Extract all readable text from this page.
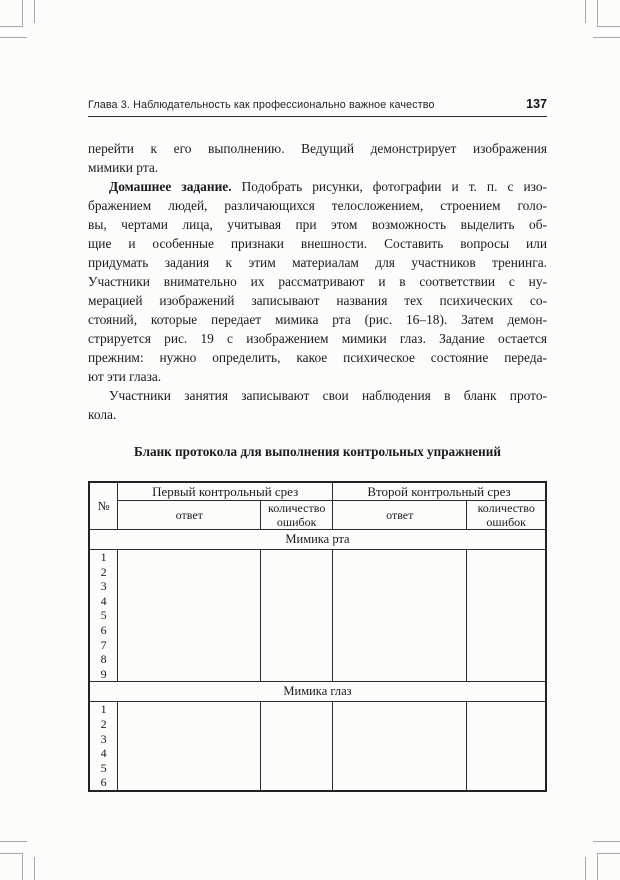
Глава 3. Наблюдательность как профессионально важное качество	137
перейти к его выполнению. Ведущий демонстрирует изображения
мимики рта.
Домашнее задание. Подобрать рисунки, фотографии и т. п. с изо-
бражением людей, различающихся телосложением, строением голо-
вы, чертами лица, учитывая при этом возможность выделить об-
щие и особенные признаки внешности. Составить вопросы или
придумать задания к этим материалам для участников тренинга.
Участники внимательно их рассматривают и в соответствии с ну-
мерацией изображений записывают названия тех психических со-
стояний, которые передает мимика рта (рис. 16–18). Затем демон-
стрируется рис. 19 с изображением мимики глаз. Задание остается
прежним: нужно определить, какое психическое состояние переда-
ют эти глаза.
Участники занятия записывают свои наблюдения в бланк прото-
кола.
Бланк протокола для выполнения контрольных упражнений
№	Первый контрольный срез		Второй контрольный срез	
	ответ	количество ошибок	ответ	количество ошибок
Мимика рта				

1
2
3
4
5
6
7
8
9

Мимика глаз				

1
2
3
4
5
6
